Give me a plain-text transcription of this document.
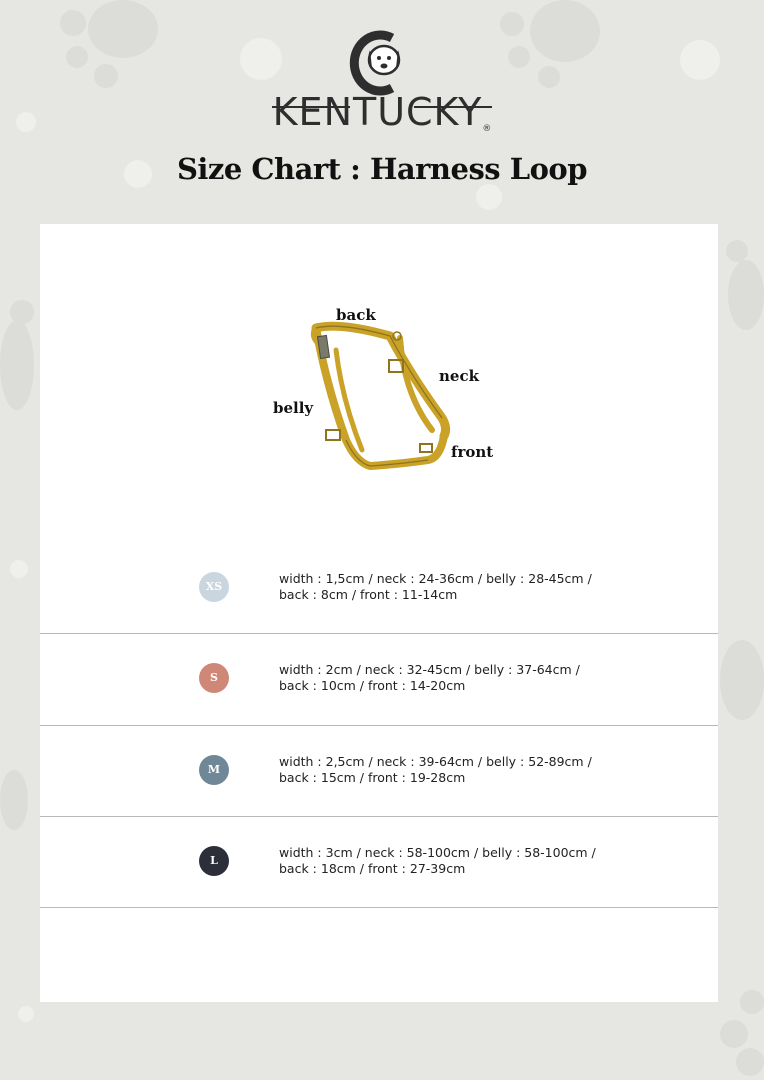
KENTUCKY®
Size Chart : Harness Loop
back
neck
belly
front
XS
width : 1,5cm / neck : 24-36cm / belly : 28-45cm /
back : 8cm / front : 11-14cm
S
width : 2cm / neck : 32-45cm / belly : 37-64cm /
back : 10cm / front : 14-20cm
M
width : 2,5cm / neck : 39-64cm / belly : 52-89cm /
back : 15cm / front : 19-28cm
L
width : 3cm / neck : 58-100cm / belly : 58-100cm /
back : 18cm / front : 27-39cm
